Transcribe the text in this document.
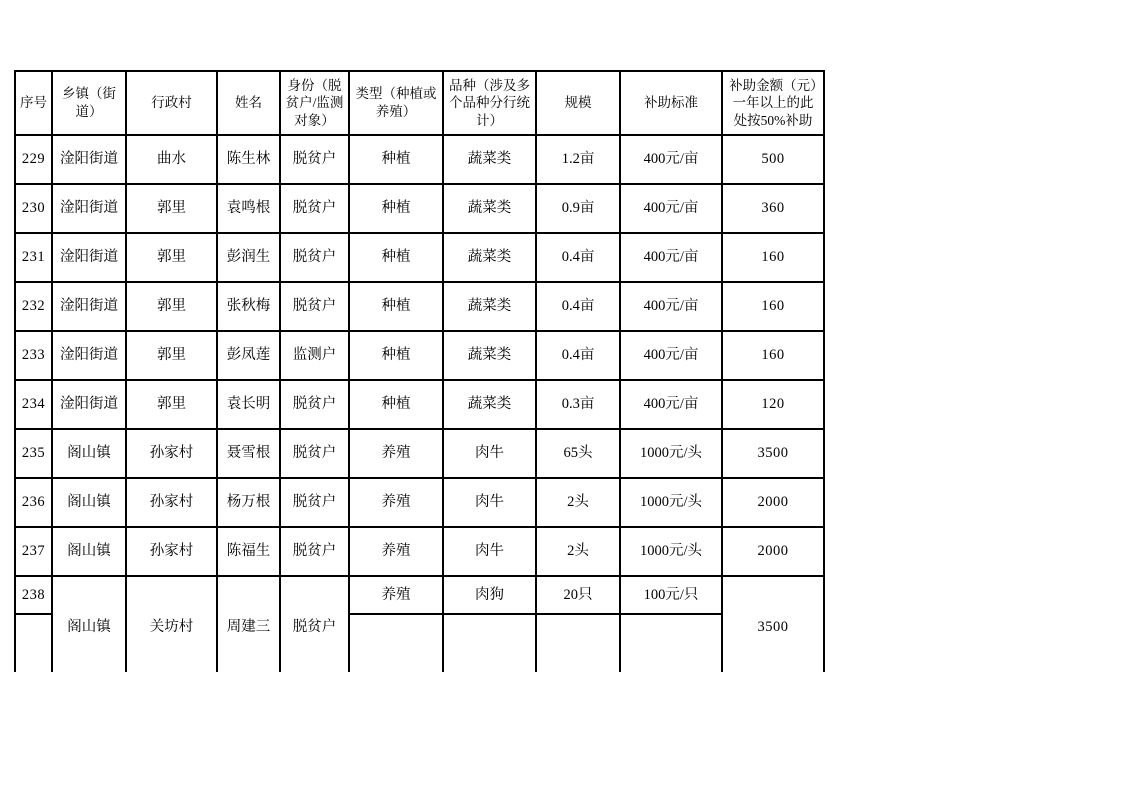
序号	乡镇（街道）	行政村	姓名	身份（脱贫户/监测对象）	类型（种植或养殖）	品种（涉及多个品种分行统计）	规模	补助标准	补助金额（元）一年以上的此处按50%补助
229	淦阳街道	曲水	陈生林	脱贫户	种植	蔬菜类	1.2亩	400元/亩	500
230	淦阳街道	郭里	袁鸣根	脱贫户	种植	蔬菜类	0.9亩	400元/亩	360
231	淦阳街道	郭里	彭润生	脱贫户	种植	蔬菜类	0.4亩	400元/亩	160
232	淦阳街道	郭里	张秋梅	脱贫户	种植	蔬菜类	0.4亩	400元/亩	160
233	淦阳街道	郭里	彭凤莲	监测户	种植	蔬菜类	0.4亩	400元/亩	160
234	淦阳街道	郭里	袁长明	脱贫户	种植	蔬菜类	0.3亩	400元/亩	120
235	阁山镇	孙家村	聂雪根	脱贫户	养殖	肉牛	65头	1000元/头	3500
236	阁山镇	孙家村	杨万根	脱贫户	养殖	肉牛	2头	1000元/头	2000
237	阁山镇	孙家村	陈福生	脱贫户	养殖	肉牛	2头	1000元/头	2000
238	阁山镇	关坊村	周建三	脱贫户	养殖	肉狗	20只	100元/只	3500
